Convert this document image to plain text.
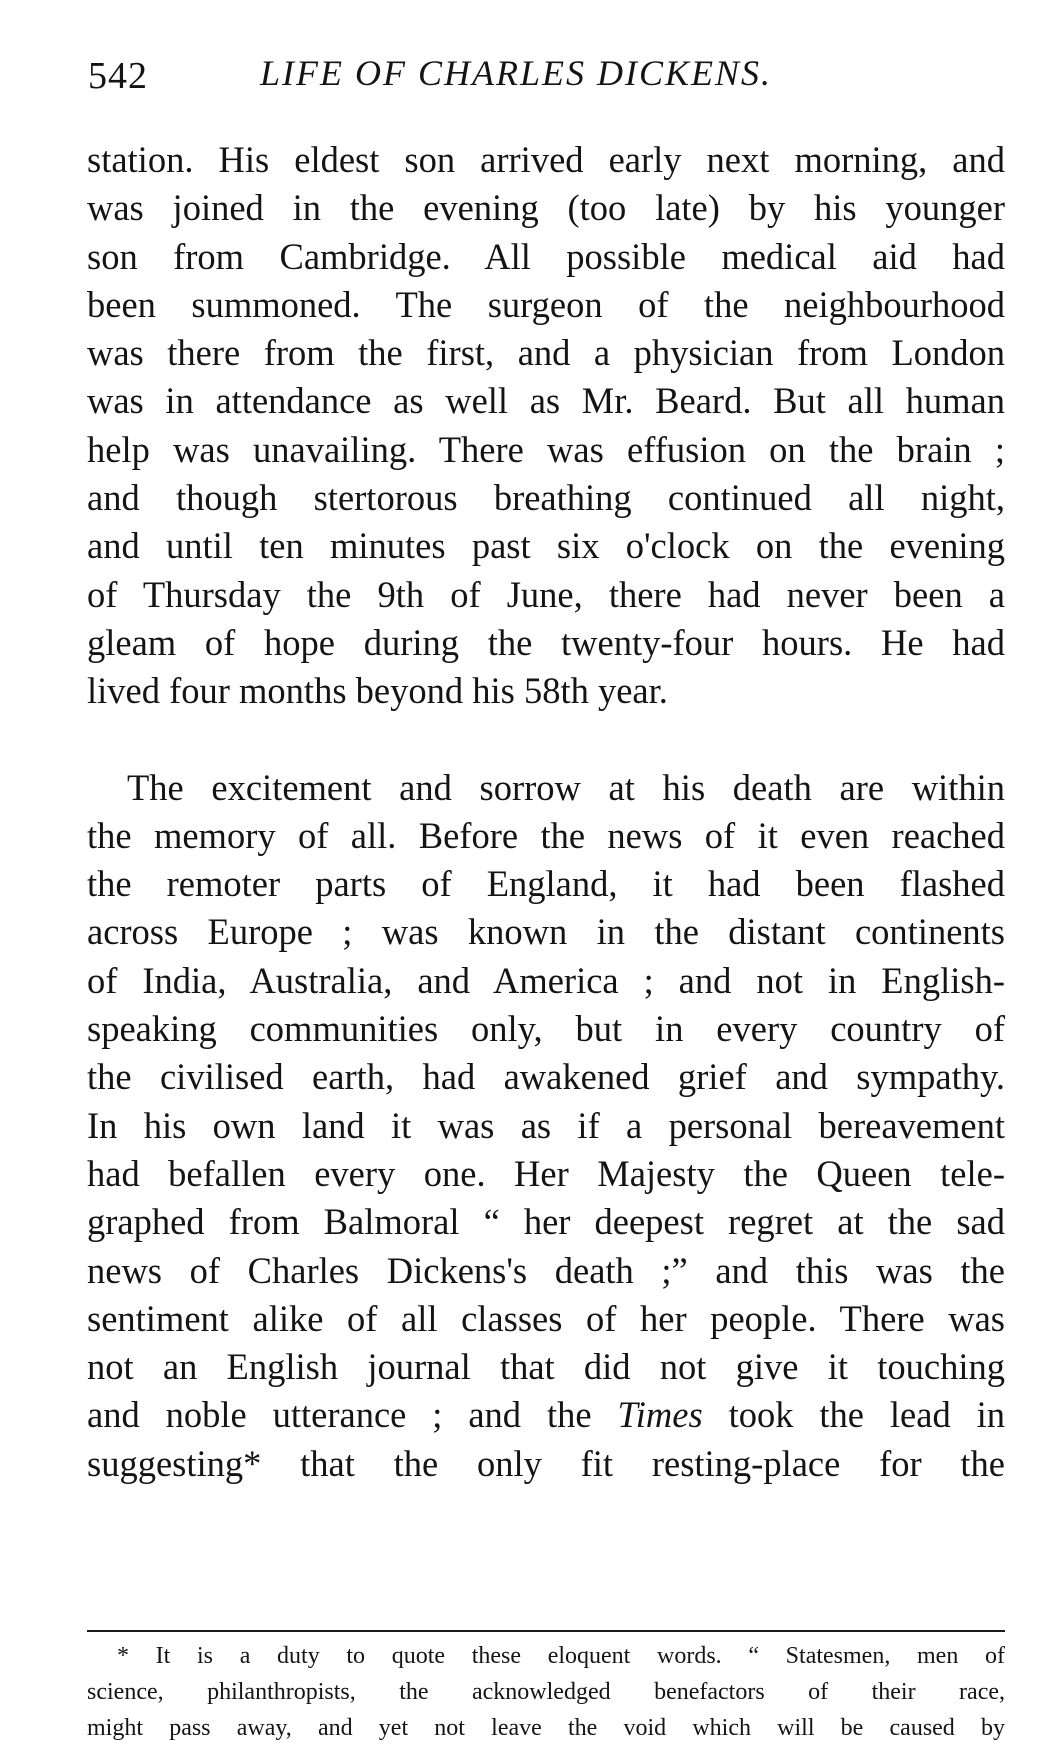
542	LIFE OF CHARLES DICKENS.
station. His eldest son arrived early next morning, and
was joined in the evening (too late) by his younger
son from Cambridge. All possible medical aid had
been summoned. The surgeon of the neighbourhood
was there from the first, and a physician from London
was in attendance as well as Mr. Beard. But all human
help was unavailing. There was effusion on the brain ;
and though stertorous breathing continued all night,
and until ten minutes past six o'clock on the evening
of Thursday the 9th of June, there had never been a
gleam of hope during the twenty-four hours. He had
lived four months beyond his 58th year.
The excitement and sorrow at his death are within
the memory of all. Before the news of it even reached
the remoter parts of England, it had been flashed
across Europe ; was known in the distant continents
of India, Australia, and America ; and not in English-
speaking communities only, but in every country of
the civilised earth, had awakened grief and sympathy.
In his own land it was as if a personal bereavement
had befallen every one. Her Majesty the Queen tele-
graphed from Balmoral “ her deepest regret at the sad
news of Charles Dickens's death ;” and this was the
sentiment alike of all classes of her people. There was
not an English journal that did not give it touching
and noble utterance ; and the Times took the lead in
suggesting* that the only fit resting-place for the
* It is a duty to quote these eloquent words. “ Statesmen, men of
science, philanthropists, the acknowledged benefactors of their race,
might pass away, and yet not leave the void which will be caused by
